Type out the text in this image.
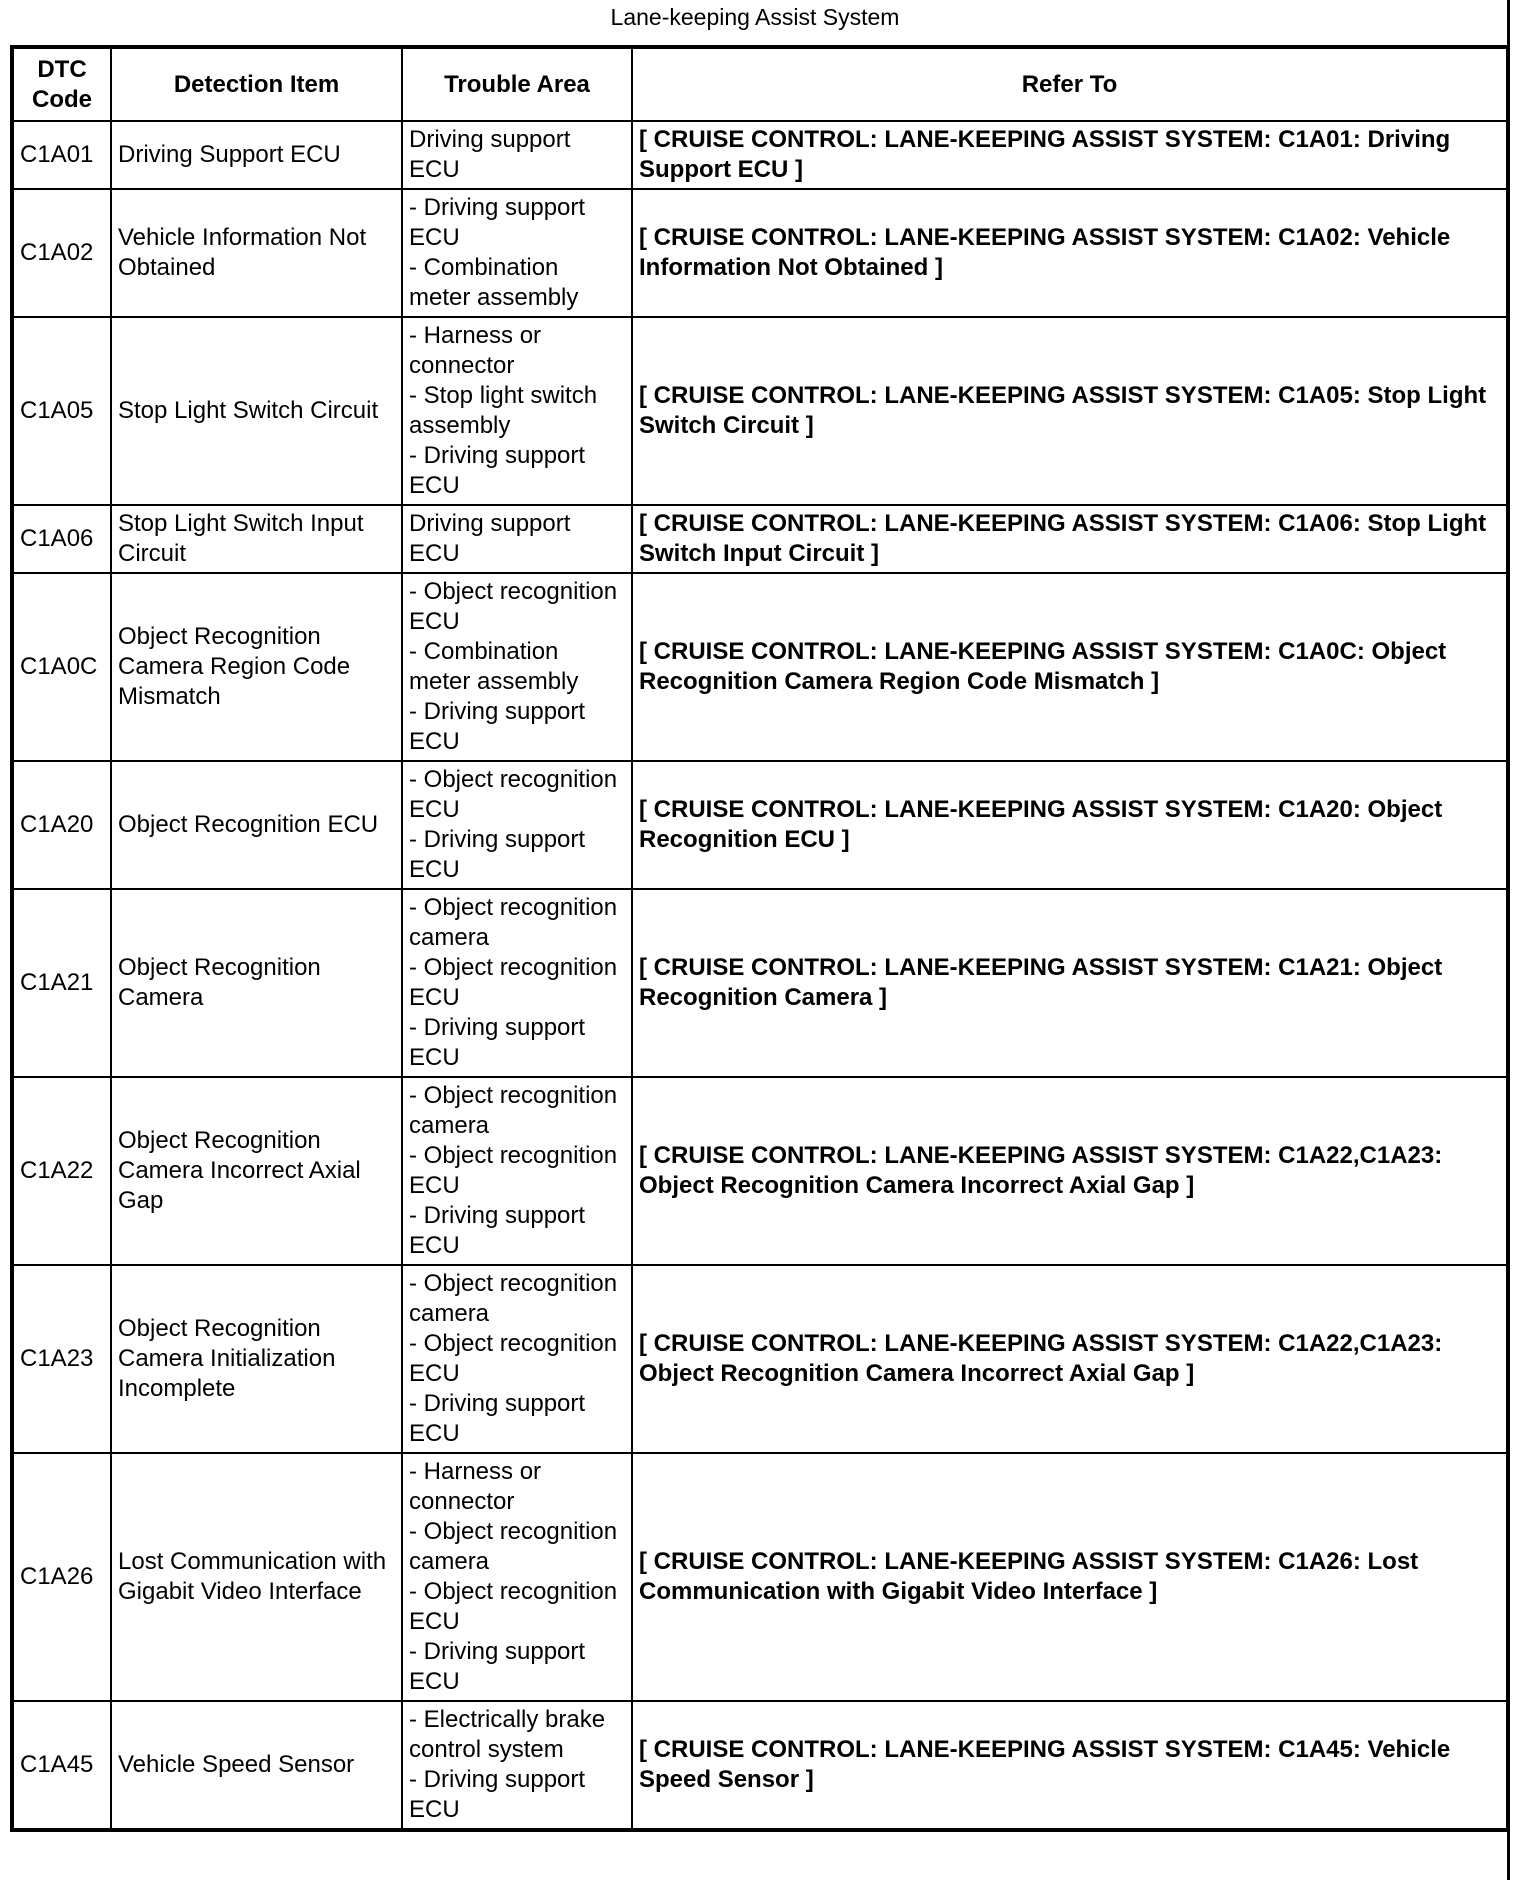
Lane-keeping Assist System
DTC Code	Detection Item	Trouble Area	Refer To
C1A01	Driving Support ECU	Driving support ECU	[ CRUISE CONTROL: LANE-KEEPING ASSIST SYSTEM: C1A01: Driving Support ECU ]
C1A02	Vehicle Information Not Obtained	- Driving support ECU
- Combination meter assembly	[ CRUISE CONTROL: LANE-KEEPING ASSIST SYSTEM: C1A02: Vehicle Information Not Obtained ]
C1A05	Stop Light Switch Circuit	- Harness or connector
- Stop light switch assembly
- Driving support ECU	[ CRUISE CONTROL: LANE-KEEPING ASSIST SYSTEM: C1A05: Stop Light Switch Circuit ]
C1A06	Stop Light Switch Input Circuit	Driving support ECU	[ CRUISE CONTROL: LANE-KEEPING ASSIST SYSTEM: C1A06: Stop Light Switch Input Circuit ]
C1A0C	Object Recognition Camera Region Code Mismatch	- Object recognition ECU
- Combination meter assembly
- Driving support ECU	[ CRUISE CONTROL: LANE-KEEPING ASSIST SYSTEM: C1A0C: Object Recognition Camera Region Code Mismatch ]
C1A20	Object Recognition ECU	- Object recognition ECU
- Driving support ECU	[ CRUISE CONTROL: LANE-KEEPING ASSIST SYSTEM: C1A20: Object Recognition ECU ]
C1A21	Object Recognition Camera	- Object recognition camera
- Object recognition ECU
- Driving support ECU	[ CRUISE CONTROL: LANE-KEEPING ASSIST SYSTEM: C1A21: Object Recognition Camera ]
C1A22	Object Recognition Camera Incorrect Axial Gap	- Object recognition camera
- Object recognition ECU
- Driving support ECU	[ CRUISE CONTROL: LANE-KEEPING ASSIST SYSTEM: C1A22,C1A23: Object Recognition Camera Incorrect Axial Gap ]
C1A23	Object Recognition Camera Initialization Incomplete	- Object recognition camera
- Object recognition ECU
- Driving support ECU	[ CRUISE CONTROL: LANE-KEEPING ASSIST SYSTEM: C1A22,C1A23: Object Recognition Camera Incorrect Axial Gap ]
C1A26	Lost Communication with Gigabit Video Interface	- Harness or connector
- Object recognition camera
- Object recognition ECU
- Driving support ECU	[ CRUISE CONTROL: LANE-KEEPING ASSIST SYSTEM: C1A26: Lost Communication with Gigabit Video Interface ]
C1A45	Vehicle Speed Sensor	- Electrically brake control system
- Driving support ECU	[ CRUISE CONTROL: LANE-KEEPING ASSIST SYSTEM: C1A45: Vehicle Speed Sensor ]
